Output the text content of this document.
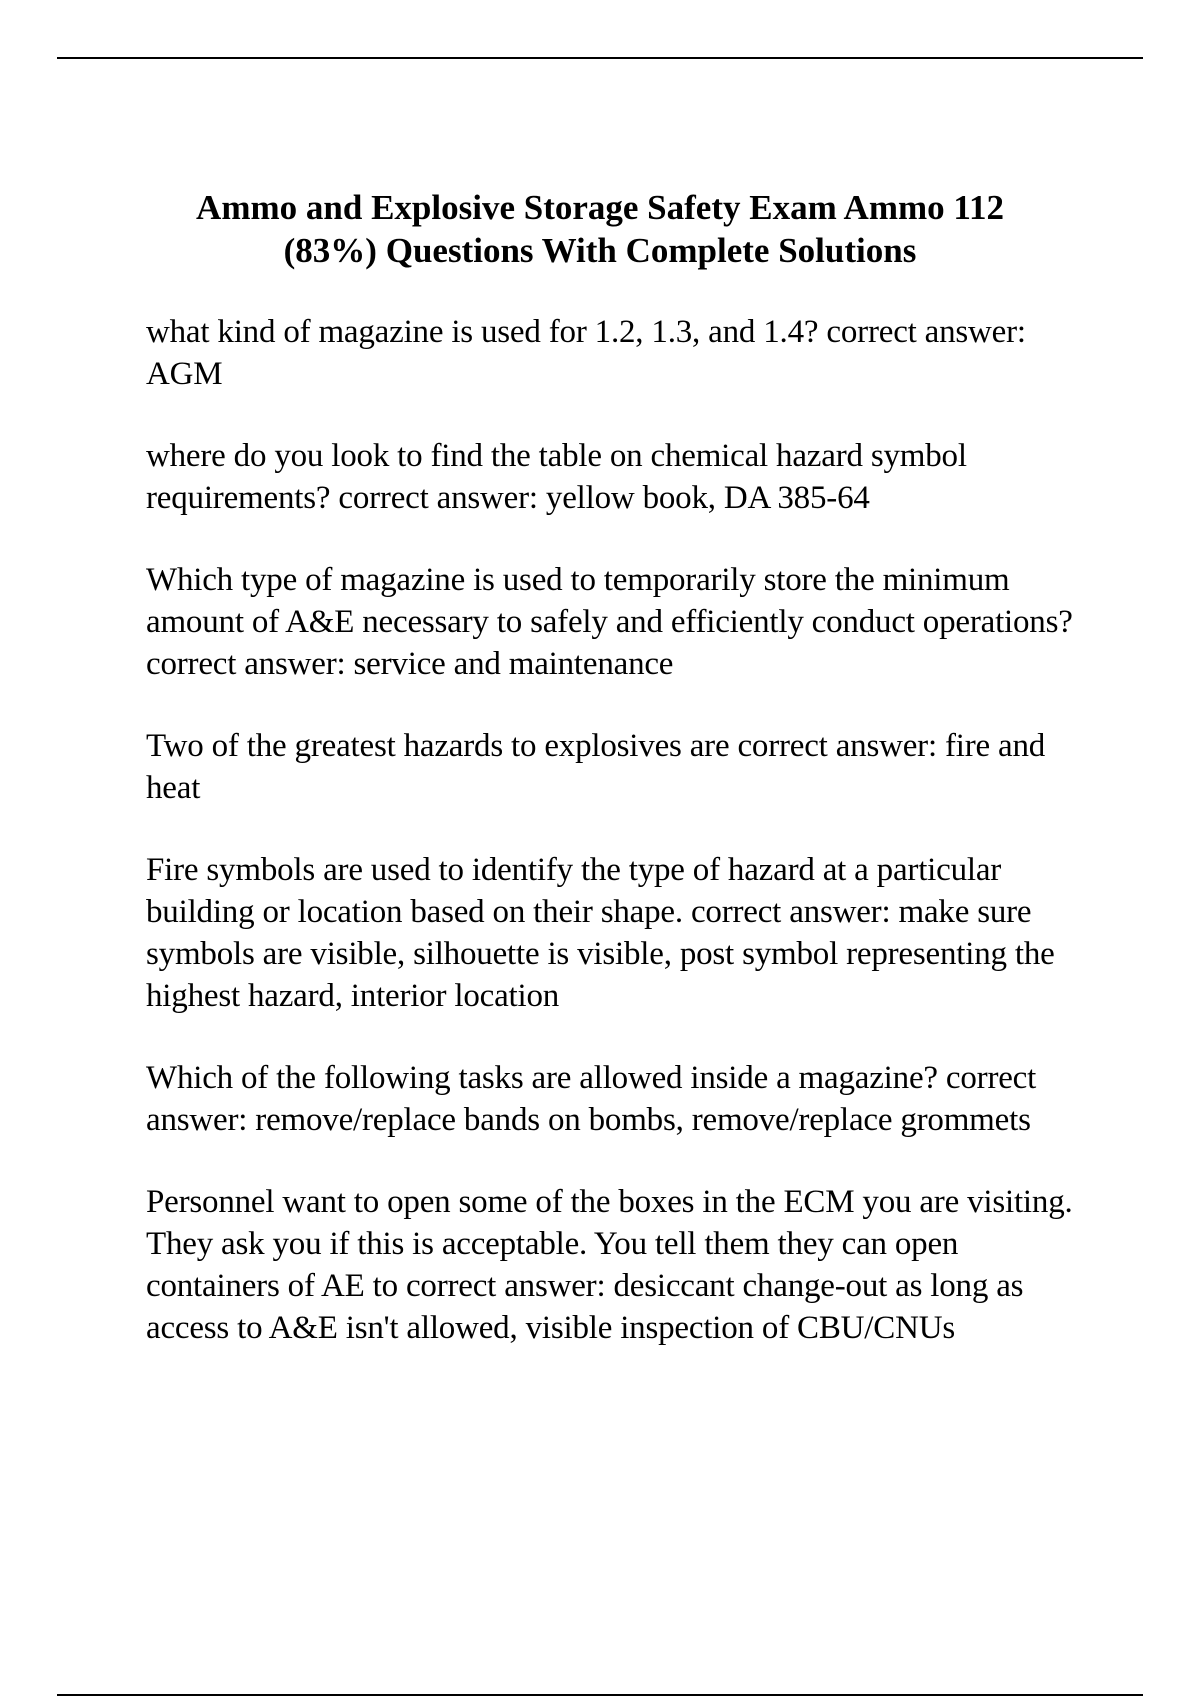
Ammo and Explosive Storage Safety Exam Ammo 112
(83%) Questions With Complete Solutions

what kind of magazine is used for 1.2, 1.3, and 1.4? correct answer: AGM

where do you look to find the table on chemical hazard symbol requirements? correct answer: yellow book, DA 385-64

Which type of magazine is used to temporarily store the minimum amount of A&E necessary to safely and efficiently conduct operations? correct answer: service and maintenance

Two of the greatest hazards to explosives are correct answer: fire and heat

Fire symbols are used to identify the type of hazard at a particular building or location based on their shape. correct answer: make sure symbols are visible, silhouette is visible, post symbol representing the highest hazard, interior location

Which of the following tasks are allowed inside a magazine? correct answer: remove/replace bands on bombs, remove/replace grommets

Personnel want to open some of the boxes in the ECM you are visiting. They ask you if this is acceptable. You tell them they can open containers of AE to correct answer: desiccant change-out as long as access to A&E isn't allowed, visible inspection of CBU/CNUs
